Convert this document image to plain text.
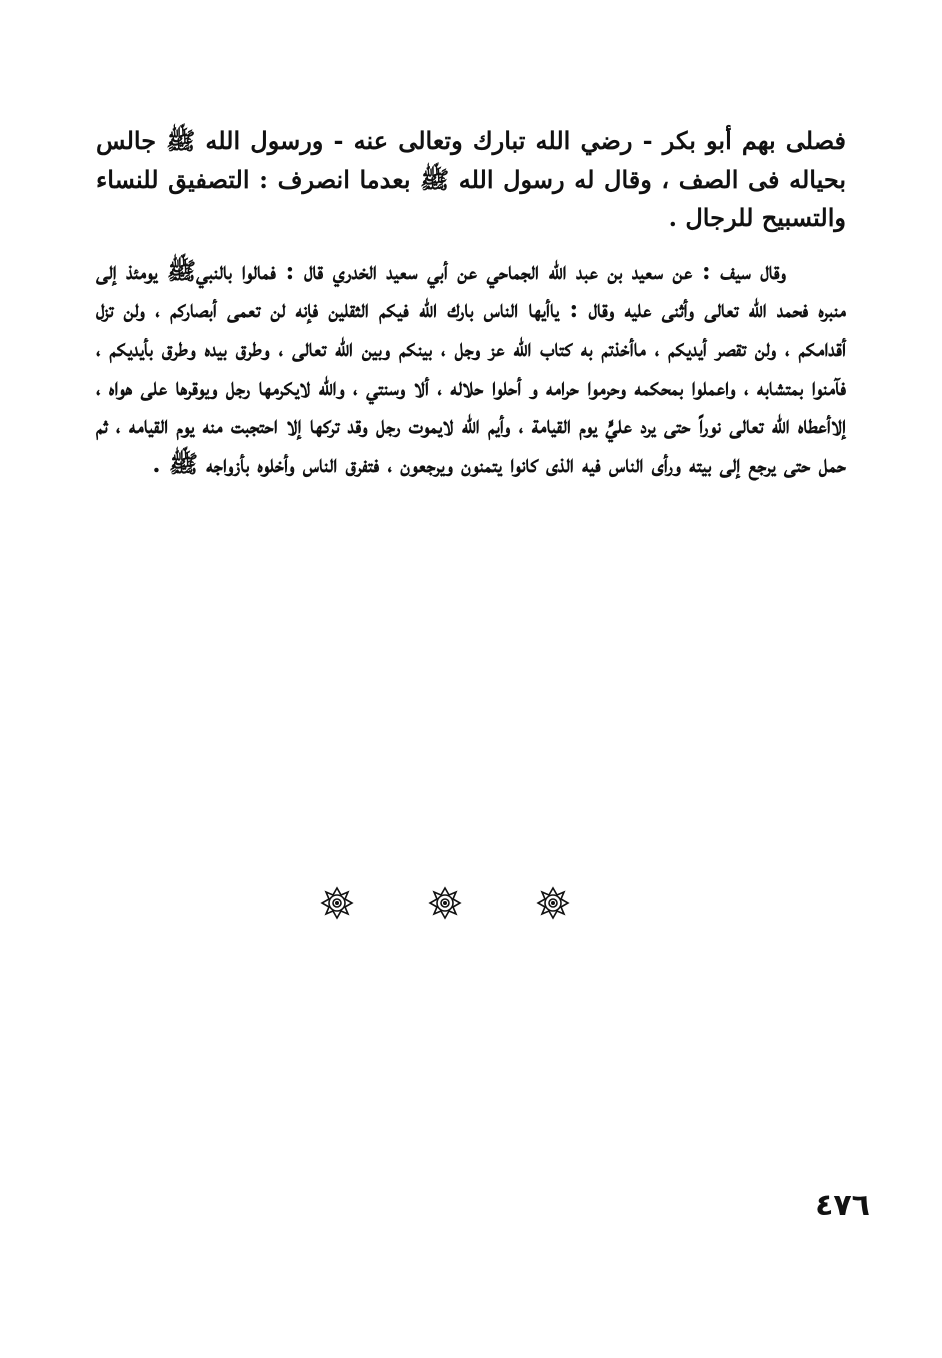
فصلى بهم أبو بكر - رضي الله تبارك وتعالى عنه - ورسول الله ﷺ جالس بحياله فى الصف ، وقال له رسول الله ﷺ بعدما انصرف : التصفيق للنساء والتسبيح للرجال .

وقال سيف : عن سعيد بن عبد الله الجماحي عن أبي سعيد الخدري قال : فمالوا بالنبيﷺ يومئذ إلى منبره فحمد الله تعالى وأثنى عليه وقال : ياأيها الناس بارك الله فيكم الثقلين فإنه لن تعمى أبصاركم ، ولن تزل أقدامكم ، ولن تقصر أيديكم ، ماأخذتم به كتاب الله عز وجل ، بينكم وبين الله تعالى ، وطرق بيده وطرق بأيديكم ، فآمنوا بمتشابه ، واعملوا بمحكمه وحرموا حرامه و أحلوا حلاله ، ألا وسنتي ، والله لايكرمها رجل ويوقرها على هواه ، إلاأعطاه الله تعالى نوراً حتى يرد عليٍّ يوم القيامة ، وأيم الله لايموت رجل وقد تركها إلا احتجبت منه يوم القيامه ، ثم حمل حتى يرجع إلى بيته ورأى الناس فيه الذى كانوا يتمنون ويرجعون ، فتفرق الناس وأخلوه بأزواجه ﷺ .

٤٧٦
